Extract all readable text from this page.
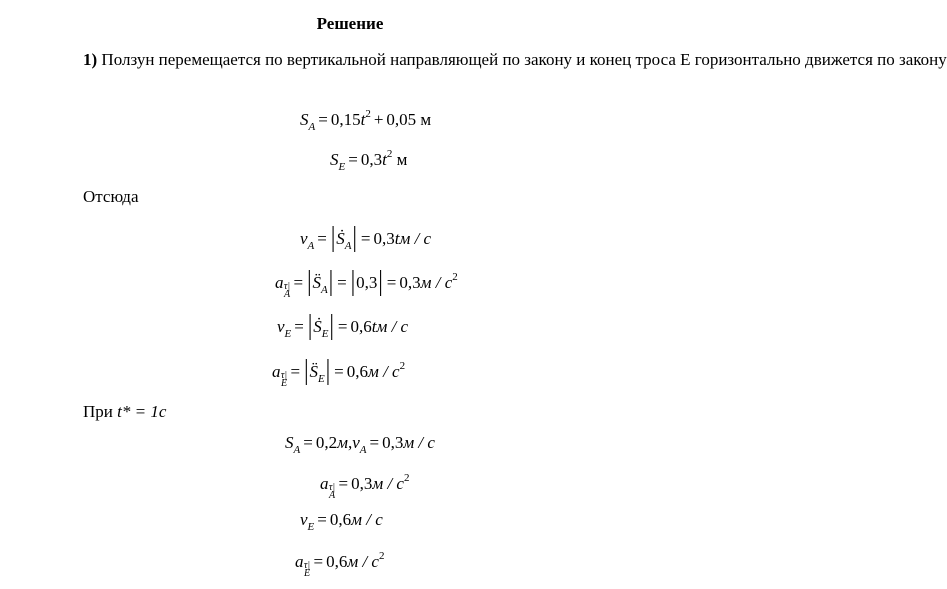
Решение
1) Ползун перемещается по вертикальной направляющей по закону и конец троса Е горизонтально движется по закону
$S_A = 0,15t^2 + 0,05$ м
$S_E = 0,3t^2$ м
Отсюда
$v_A$ = |Ṡ$_A$| = 0,3tм / c
$a\tau|A= |S̈_A| = |0,3| = 0,3м / c^2$
$v_E$ = |Ṡ$_E$| = 0,6tм / c
$a\tau|E= |S̈_E| = 0,6м / c^2$
При t* = 1c
$S_A = 0,2м,v_A = 0,3м / c$
$a\tau|A= 0,3м / c^2$
$v_E = 0,6м / c$
$a\tau|E= 0,6м / c^2$
